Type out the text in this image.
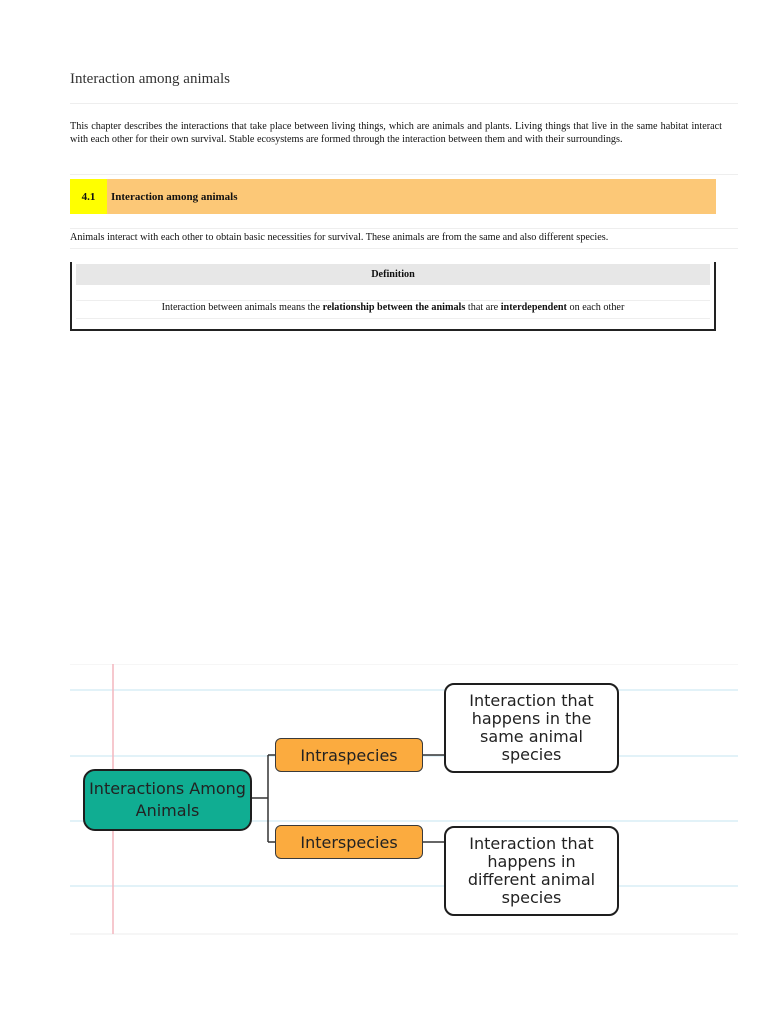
Interaction among animals

This chapter describes the interactions that take place between living things, which are animals and plants. Living things that live in the same habitat interact with each other for their own survival. Stable ecosystems are formed through the interaction between them and with their surroundings.

4.1	Interaction among animals

Animals interact with each other to obtain basic necessities for survival. These animals are from the same and also different species.

Definition
Interaction between animals means the relationship between the animals that are interdependent on each other
Interactions Among Animals
Intraspecies
Interspecies
Interaction that happens in the same animal species
Interaction that happens in different animal species
